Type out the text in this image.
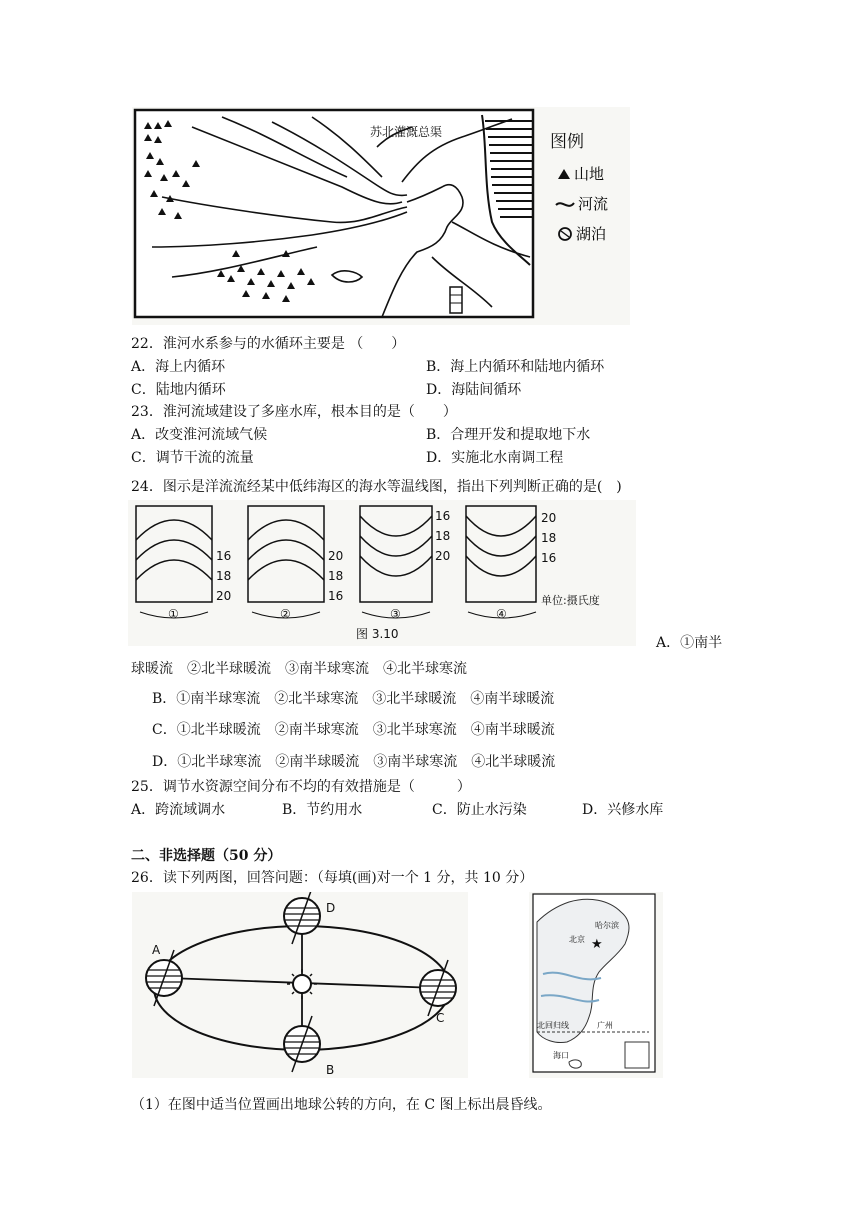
苏北灌溉总渠	图例
山地
河流
湖泊
22．淮河水系参与的水循环主要是 （　　）
A．海上内循环	B．海上内循环和陆地内循环
C．陆地内循环	D．海陆间循环
23．淮河流域建设了多座水库，根本目的是（　　）
A．改变淮河流域气候	B．合理开发和提取地下水
C．调节干流的流量	D．实施北水南调工程
24．图示是洋流流经某中低纬海区的海水等温线图，指出下列判断正确的是(　)
16
18
20
20
18
16
16
18
20
20
18
16
①	②	③	④
单位:摄氏度
图 3.10
A．①南半
球暖流　②北半球暖流　③南半球寒流　④北半球寒流
B．①南半球寒流　②北半球寒流　③北半球暖流　④南半球暖流
C．①北半球暖流　②南半球寒流　③北半球寒流　④南半球暖流
D．①北半球寒流　②南半球暖流　③南半球寒流　④北半球暖流
25．调节水资源空间分布不均的有效措施是（　　　）
A．跨流域调水	B．节约用水	C．防止水污染	D．兴修水库
二、非选择题（50 分）
26．读下列两图，回答问题：（每填(画)对一个 1 分，共 10 分）
D
A
C
B
★
哈尔滨
北京
北回归线	广州
海口
（1）在图中适当位置画出地球公转的方向，在 C 图上标出晨昏线。
